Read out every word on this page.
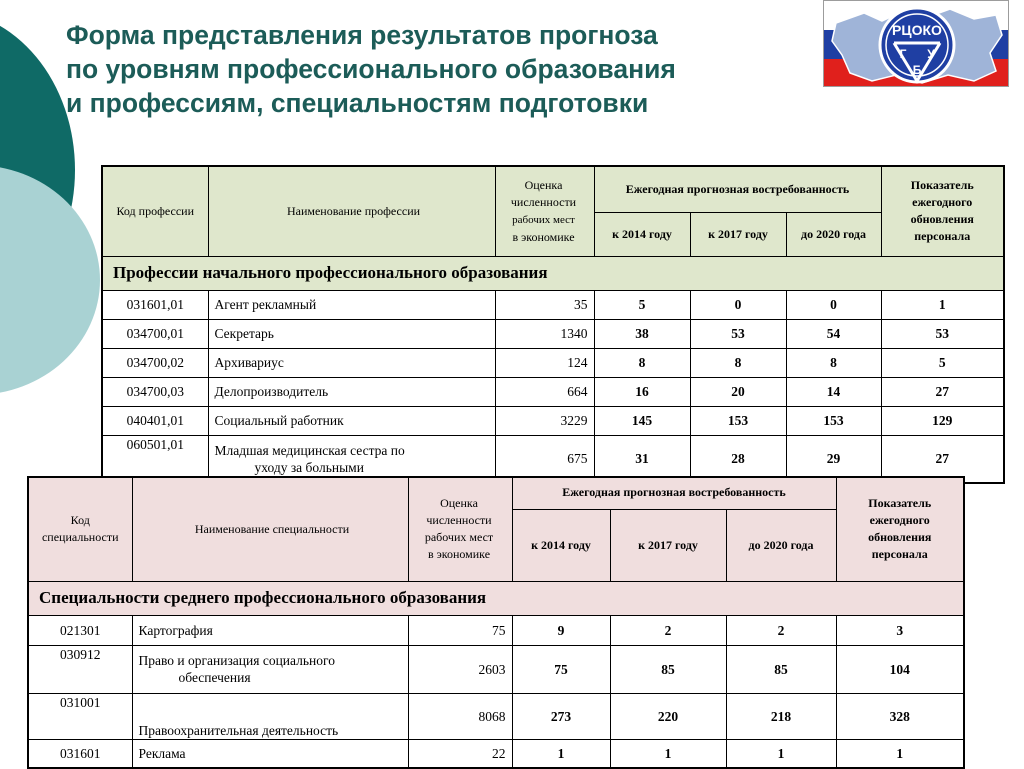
Форма представления результатов прогноза
по уровням профессионального образования
и профессиям, специальностям подготовки
РЦОКО
Г У
Б
Код профессии	Наименование профессии	Оценка
численности
рабочих мест
в экономике	Ежегодная прогнозная востребованность			Показатель ежегодного обновления персонала
			к 2014 году	к 2017 году	до 2020 года	
Профессии начального профессионального образования						
031601,01	Агент рекламный	35	5	0	0	1
034700,01	Секретарь	1340	38	53	54	53
034700,02	Архивариус	124	8	8	8	5
034700,03	Делопроизводитель	664	16	20	14	27
040401,01	Социальный работник	3229	145	153	153	129
060501,01	Младшая медицинская сестра по
уходу за больными	675	31	28	29	27
Код специальности	Наименование специальности	Оценка
численности
рабочих мест
в экономике	Ежегодная прогнозная востребованность			Показатель ежегодного обновления персонала
			к 2014 году	к 2017 году	до 2020 года	
Специальности среднего профессионального образования						
021301	Картография	75	9	2	2	3
030912	Право и организация социального
обеспечения	2603	75	85	85	104
031001	Правоохранительная деятельность	8068	273	220	218	328
031601	Реклама	22	1	1	1	1
